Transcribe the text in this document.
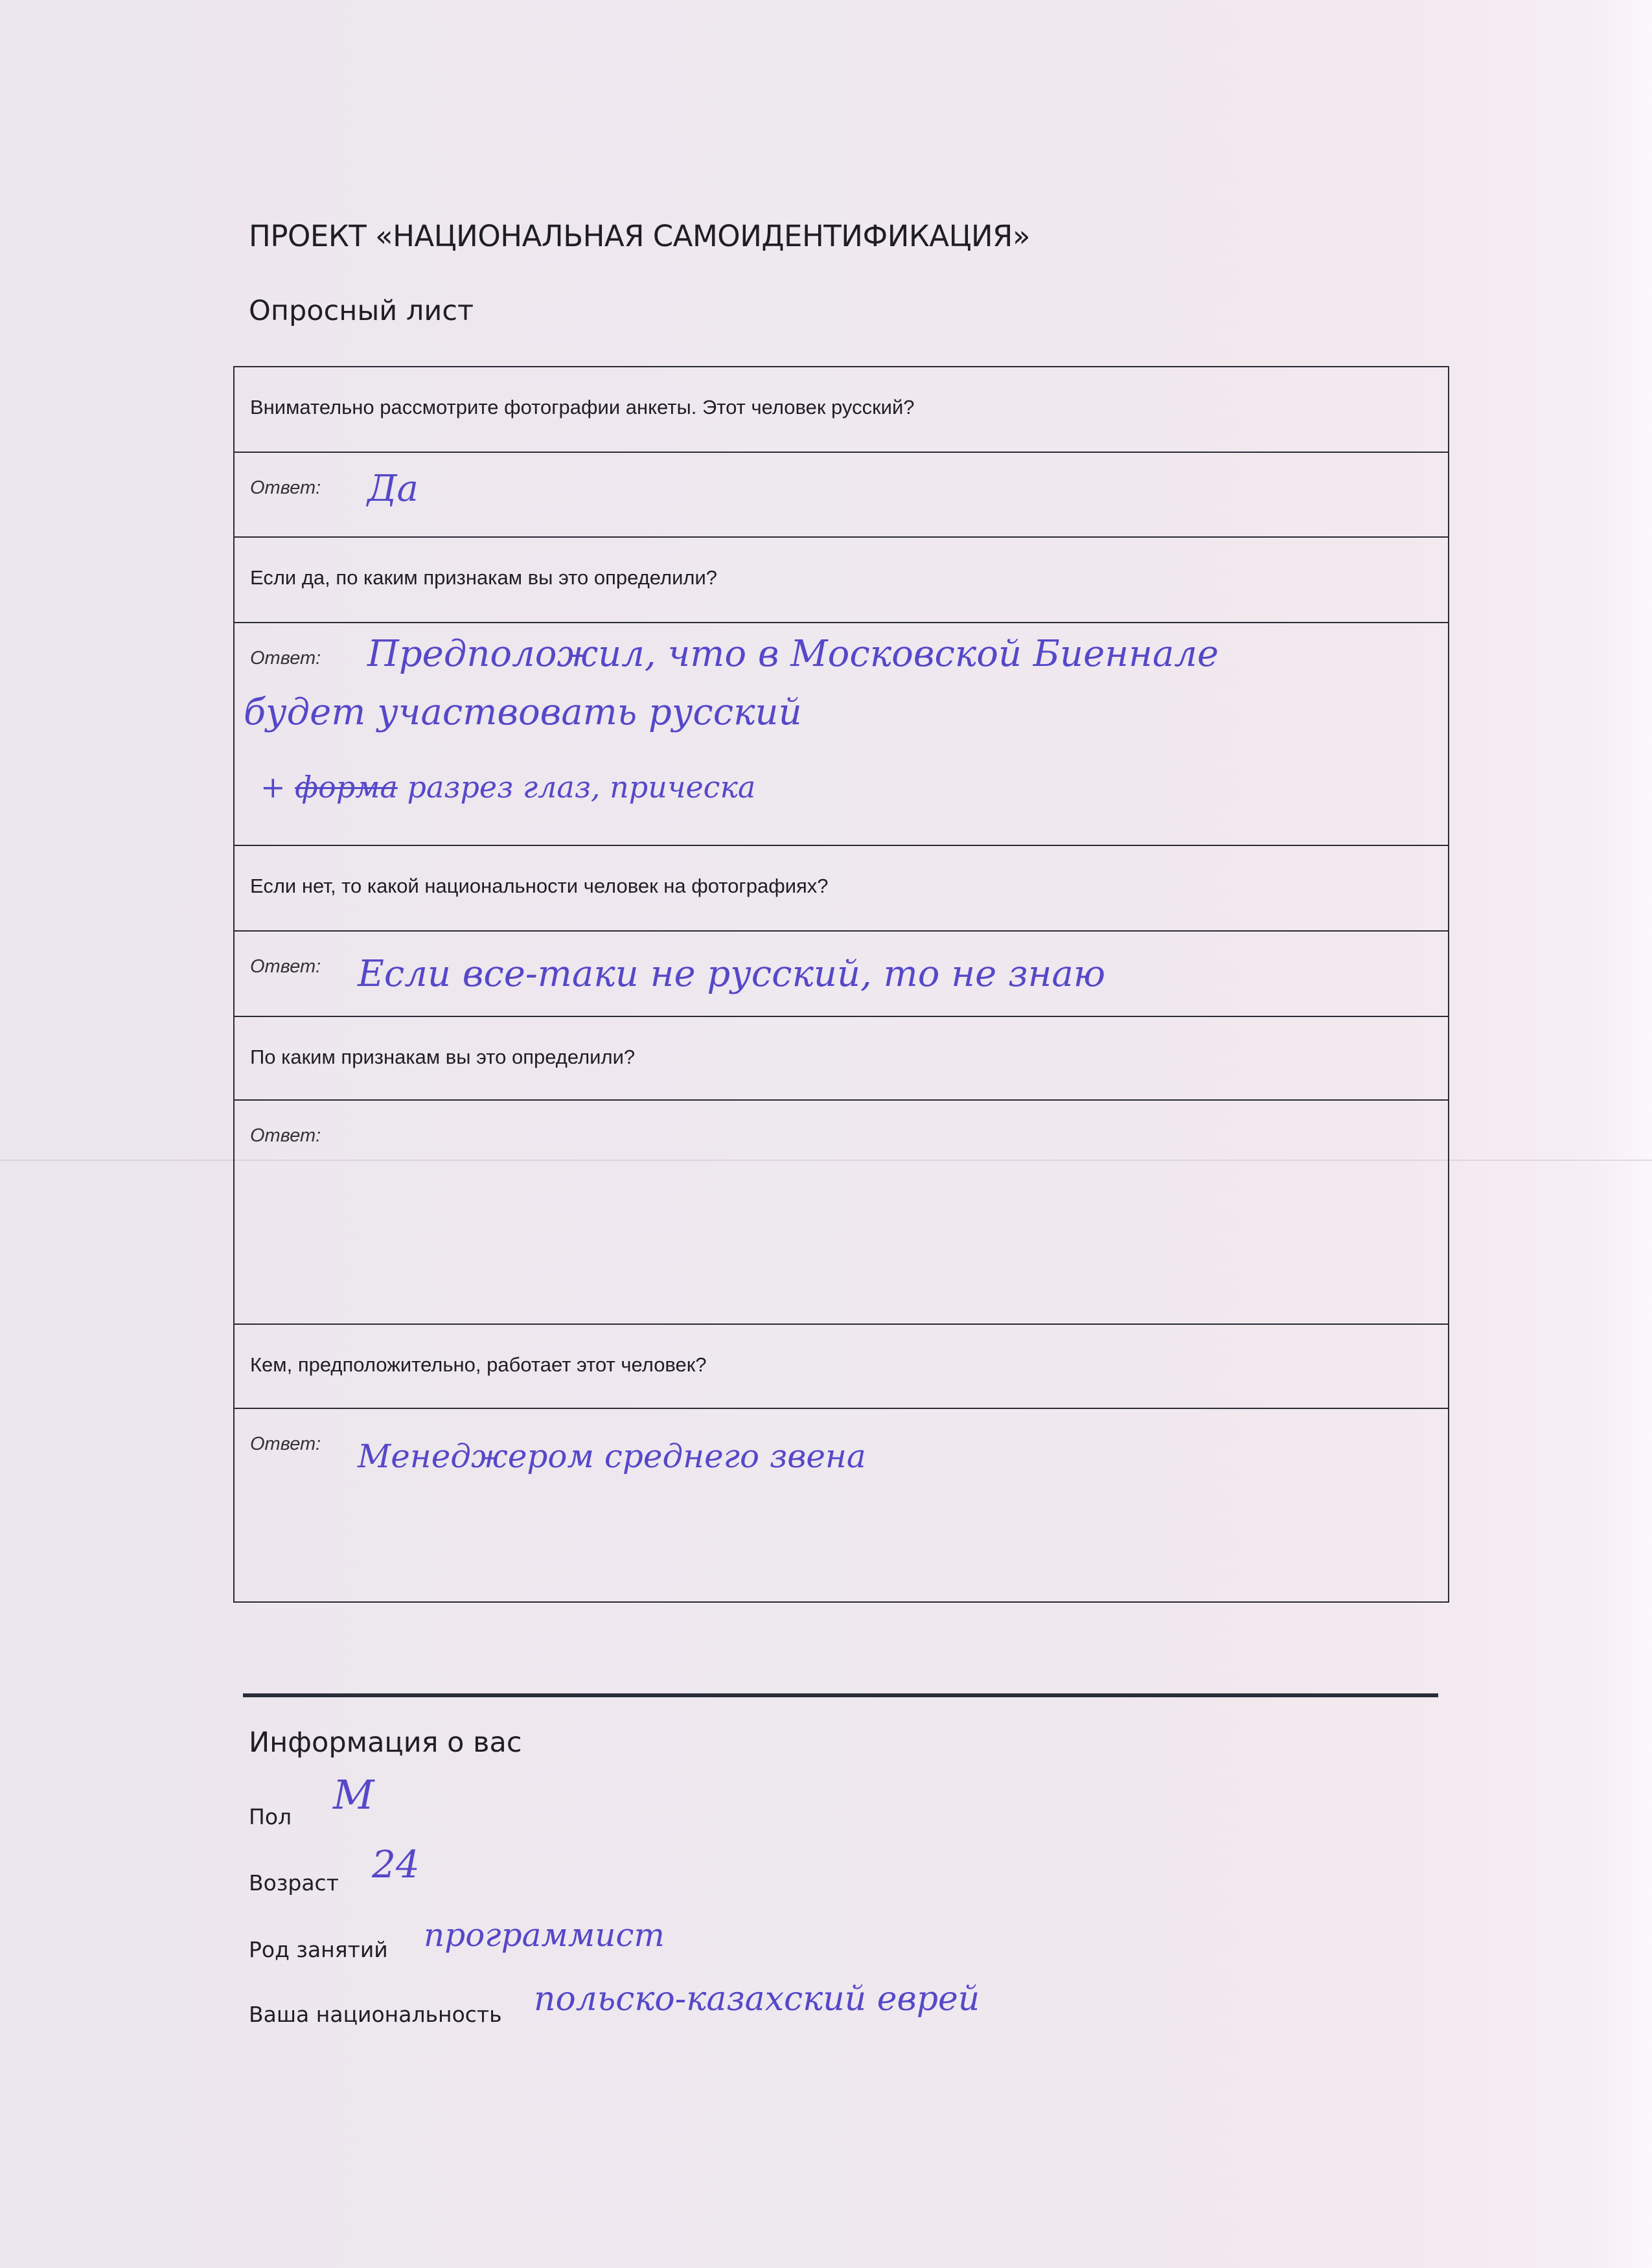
ПРОЕКТ «НАЦИОНАЛЬНАЯ САМОИДЕНТИФИКАЦИЯ»
Опросный лист
Внимательно рассмотрите фотографии анкеты. Этот человек русский?
Ответ: Да
Если да, по каким признакам вы это определили?
Ответ: Предположил, что в Московской Биеннале
будет участвовать русский
+ форма разрез глаз, прическа
Если нет, то какой национальности человек на фотографиях?
Ответ: Если все-таки не русский, то не знаю
По каким признакам вы это определили?
Ответ:
Кем, предположительно, работает этот человек?
Ответ: Менеджером среднего звена
Информация о вас
Пол М
Возраст 24
Род занятий программист
Ваша национальность польско-казахский еврей
